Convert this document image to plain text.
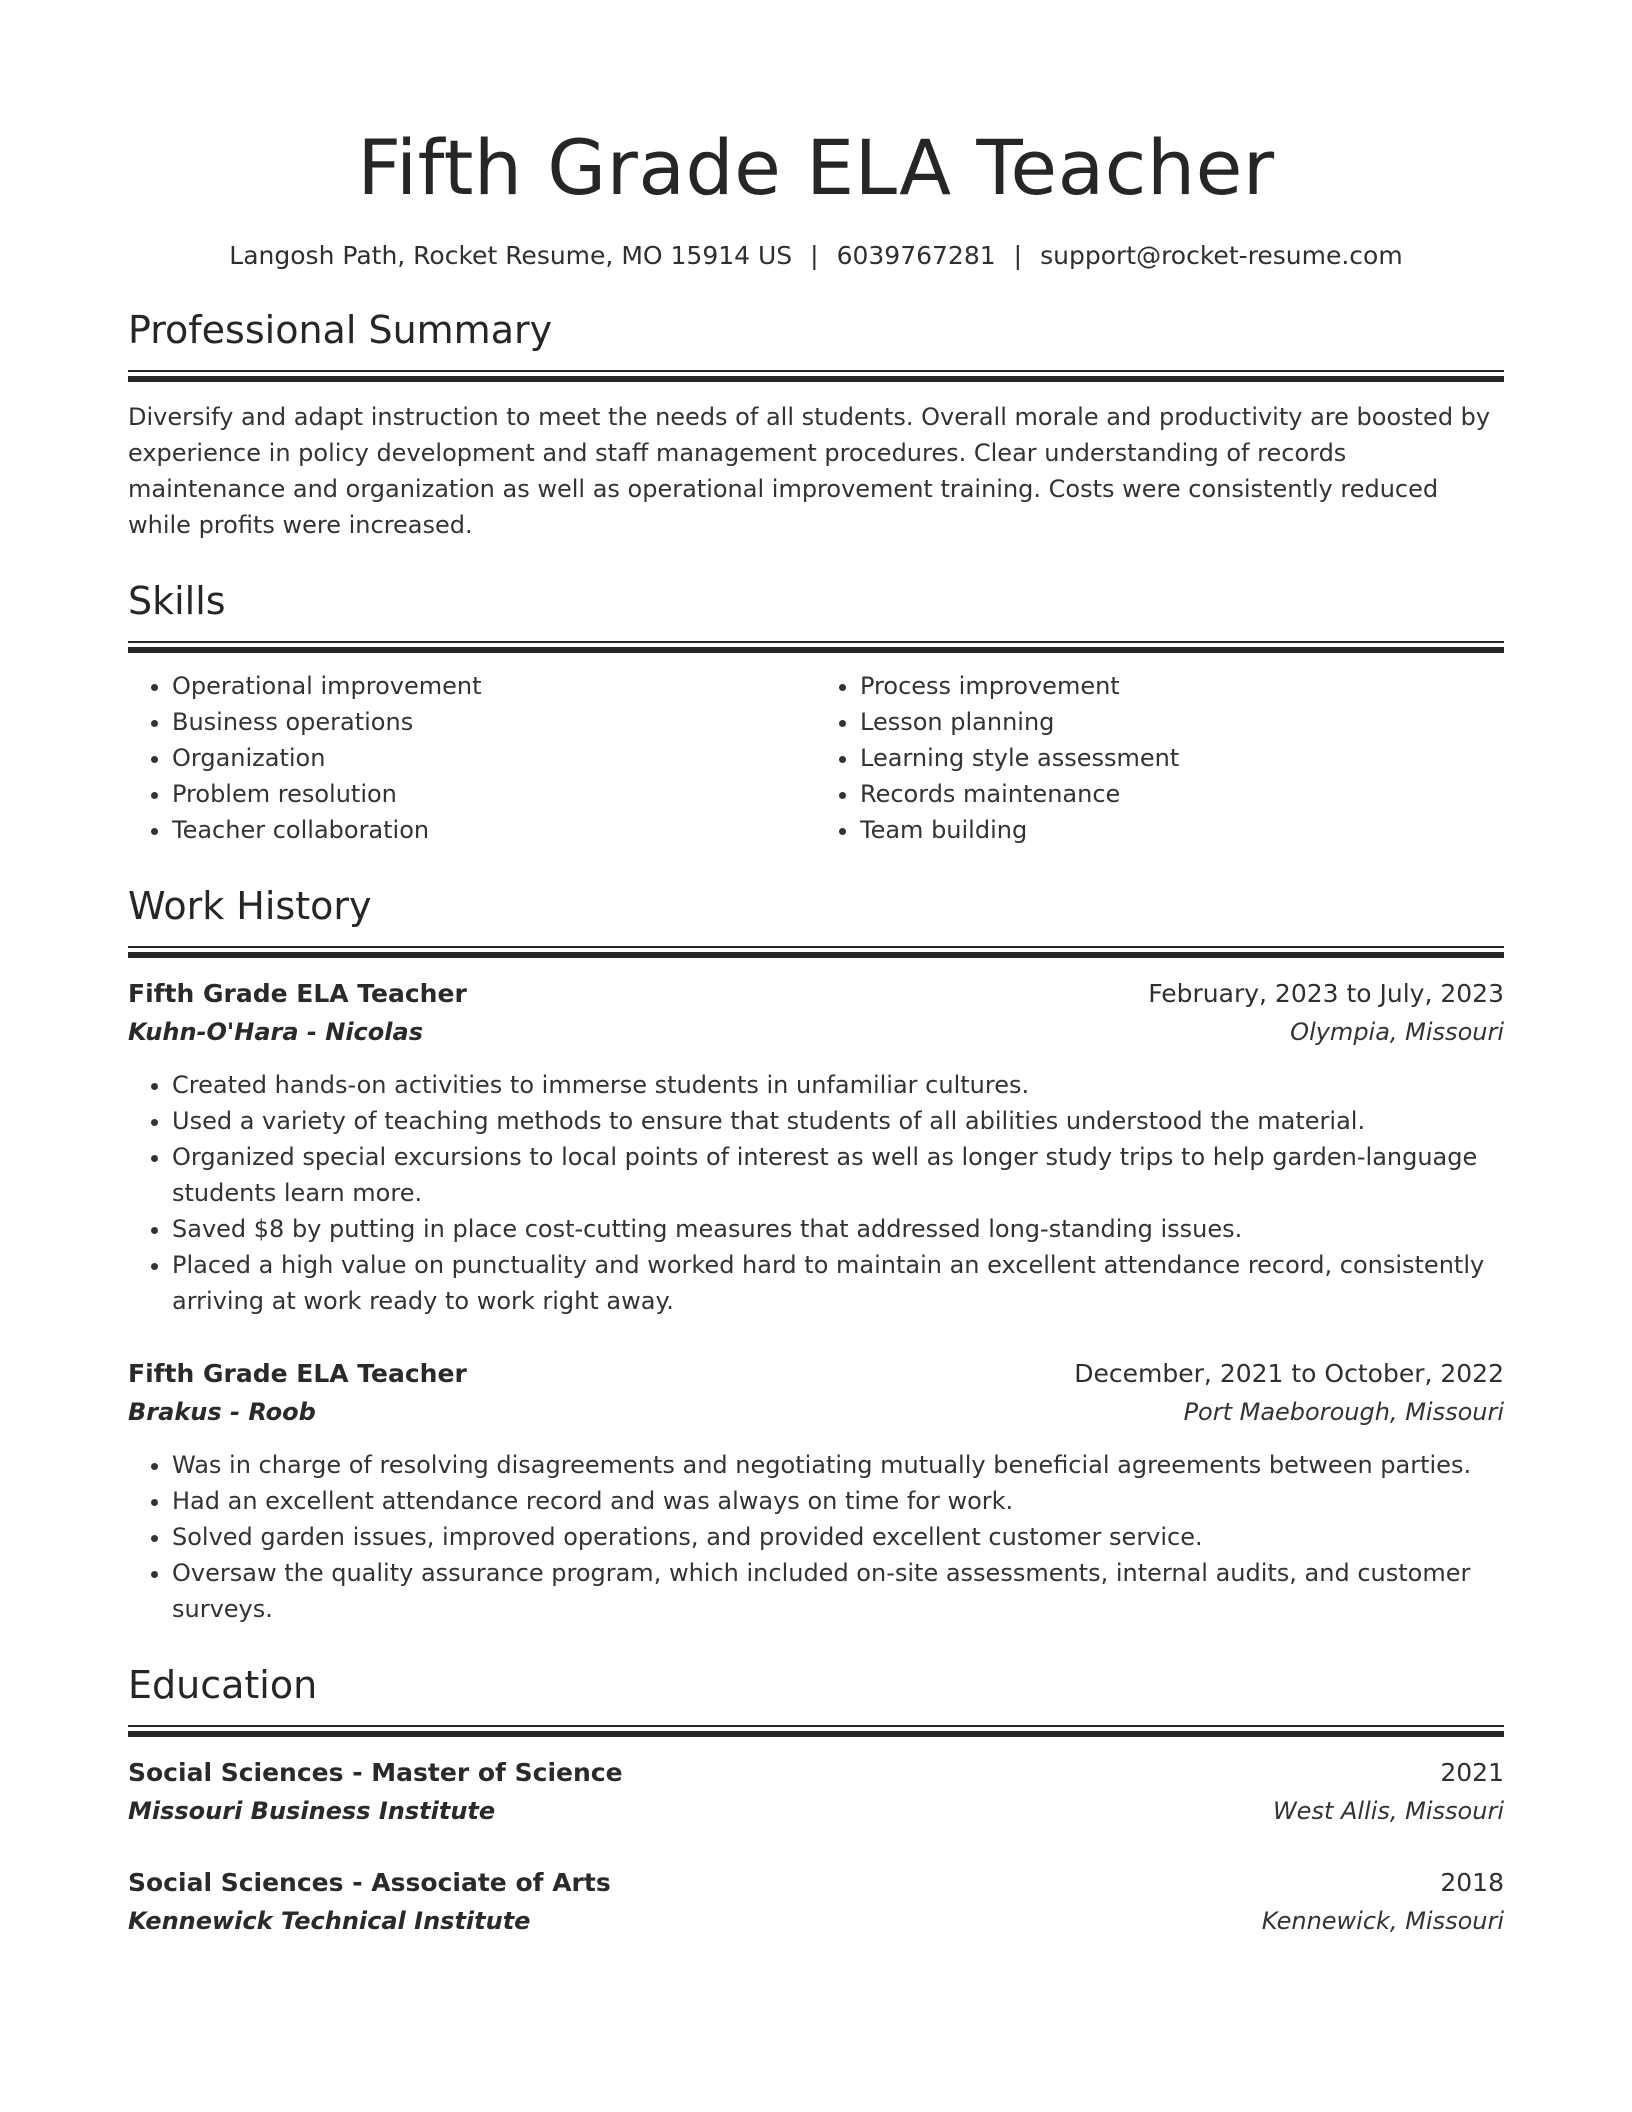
Fifth Grade ELA Teacher
Langosh Path, Rocket Resume, MO 15914 US | 6039767281 | support@rocket-resume.com
Professional Summary
Diversify and adapt instruction to meet the needs of all students. Overall morale and productivity are boosted by experience in policy development and staff management procedures. Clear understanding of records maintenance and organization as well as operational improvement training. Costs were consistently reduced while profits were increased.
Skills
• Operational improvement
• Business operations
• Organization
• Problem resolution
• Teacher collaboration
• Process improvement
• Lesson planning
• Learning style assessment
• Records maintenance
• Team building
Work History
Fifth Grade ELA Teacher	February, 2023 to July, 2023
Kuhn-O'Hara - Nicolas	Olympia, Missouri
• Created hands-on activities to immerse students in unfamiliar cultures.
• Used a variety of teaching methods to ensure that students of all abilities understood the material.
• Organized special excursions to local points of interest as well as longer study trips to help garden-language students learn more.
• Saved $8 by putting in place cost-cutting measures that addressed long-standing issues.
• Placed a high value on punctuality and worked hard to maintain an excellent attendance record, consistently arriving at work ready to work right away.
Fifth Grade ELA Teacher	December, 2021 to October, 2022
Brakus - Roob	Port Maeborough, Missouri
• Was in charge of resolving disagreements and negotiating mutually beneficial agreements between parties.
• Had an excellent attendance record and was always on time for work.
• Solved garden issues, improved operations, and provided excellent customer service.
• Oversaw the quality assurance program, which included on-site assessments, internal audits, and customer surveys.
Education
Social Sciences - Master of Science	2021
Missouri Business Institute	West Allis, Missouri
Social Sciences - Associate of Arts	2018
Kennewick Technical Institute	Kennewick, Missouri
